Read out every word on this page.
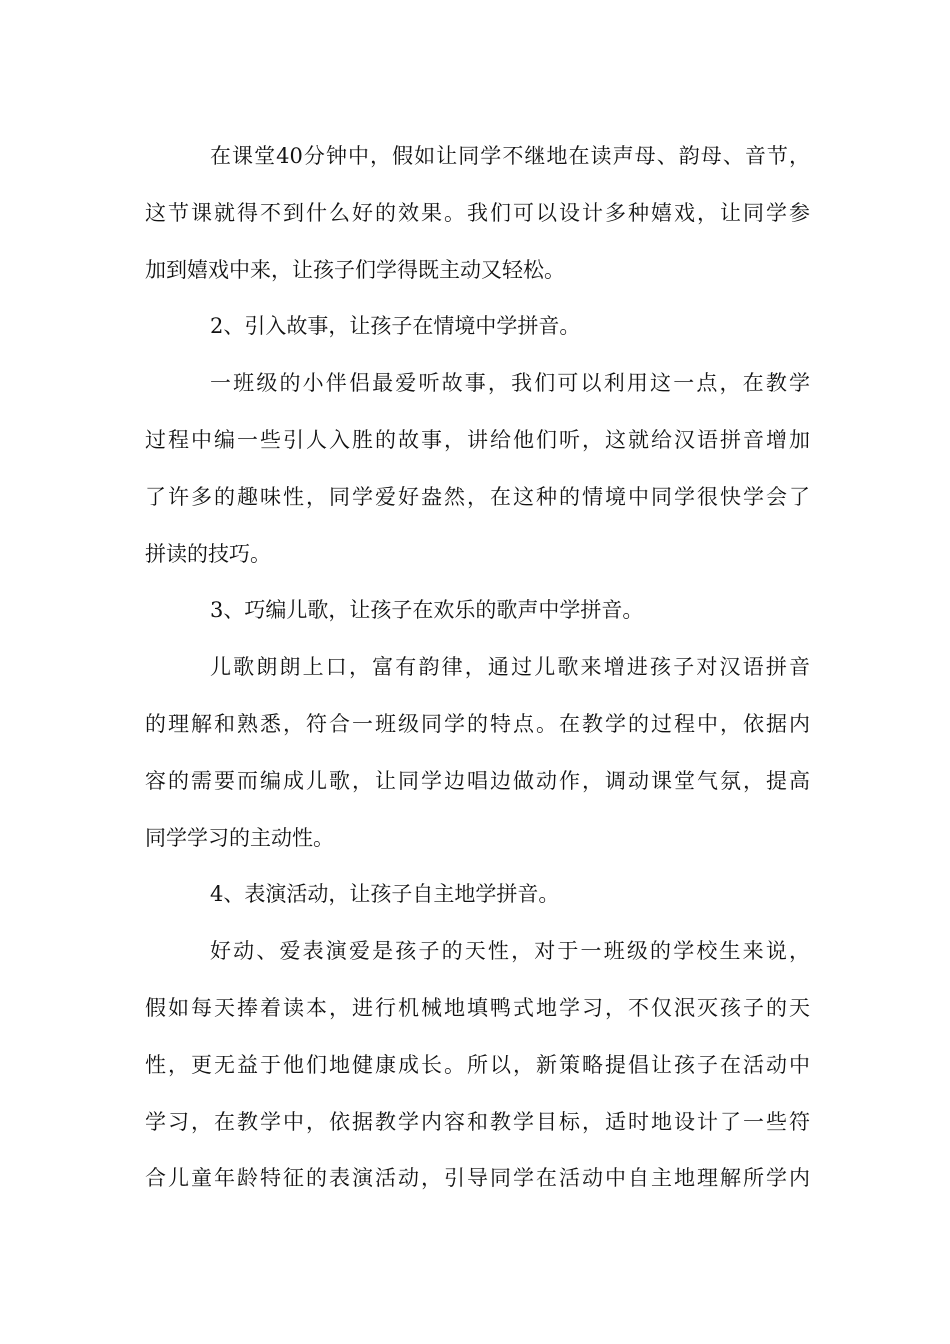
在课堂40分钟中，假如让同学不继地在读声母、韵母、音节，
这节课就得不到什么好的效果。我们可以设计多种嬉戏，让同学参
加到嬉戏中来，让孩子们学得既主动又轻松。
2、引入故事，让孩子在情境中学拼音。
一班级的小伴侣最爱听故事，我们可以利用这一点，在教学
过程中编一些引人入胜的故事，讲给他们听，这就给汉语拼音增加
了许多的趣味性，同学爱好盎然，在这种的情境中同学很快学会了
拼读的技巧。
3、巧编儿歌，让孩子在欢乐的歌声中学拼音。
儿歌朗朗上口，富有韵律，通过儿歌来增进孩子对汉语拼音
的理解和熟悉，符合一班级同学的特点。在教学的过程中，依据内
容的需要而编成儿歌，让同学边唱边做动作，调动课堂气氛，提高
同学学习的主动性。
4、表演活动，让孩子自主地学拼音。
好动、爱表演爱是孩子的天性，对于一班级的学校生来说，
假如每天捧着读本，进行机械地填鸭式地学习，不仅泯灭孩子的天
性，更无益于他们地健康成长。所以，新策略提倡让孩子在活动中
学习，在教学中，依据教学内容和教学目标，适时地设计了一些符
合儿童年龄特征的表演活动，引导同学在活动中自主地理解所学内
